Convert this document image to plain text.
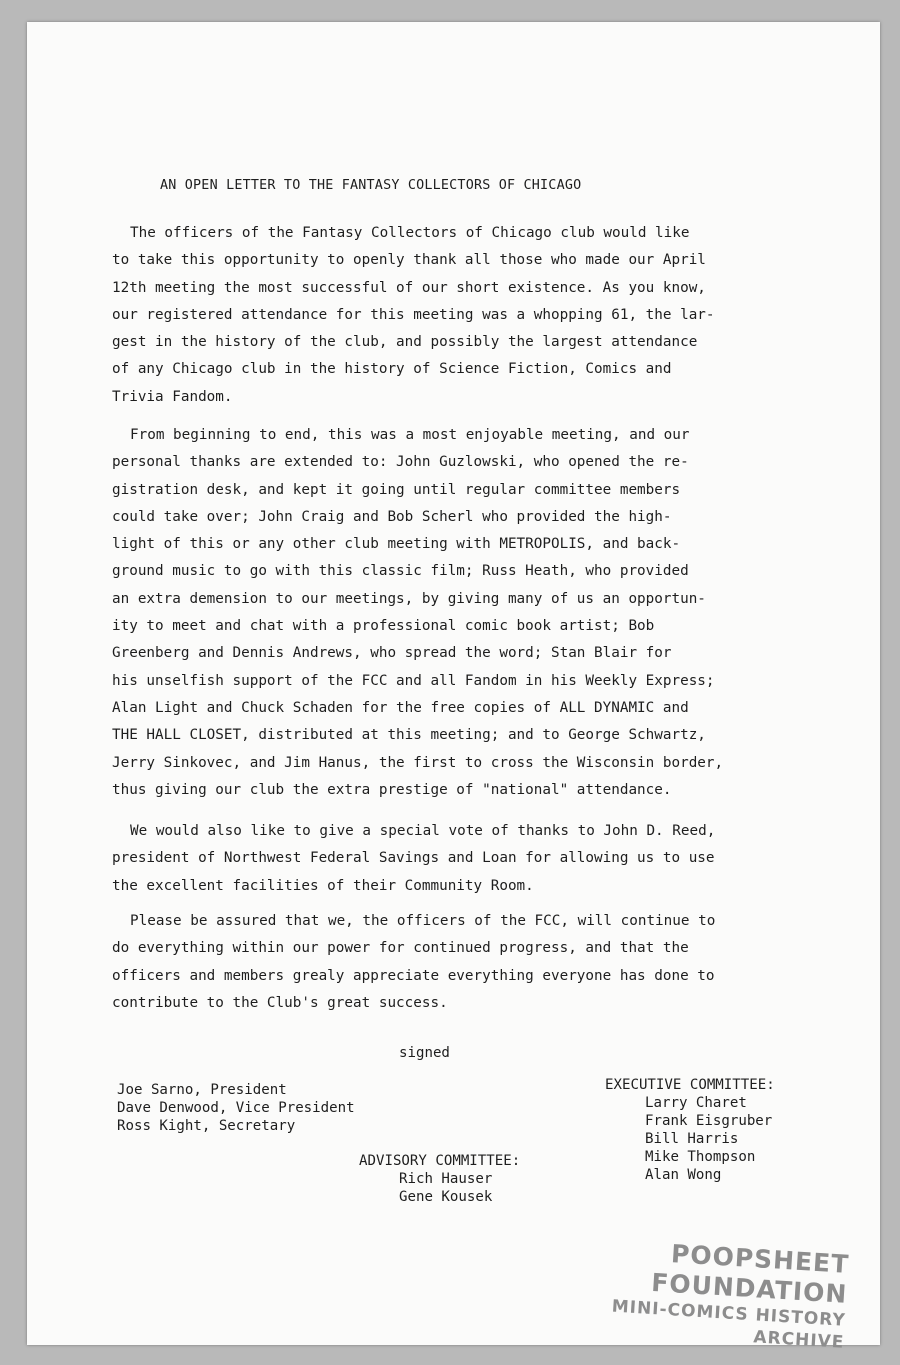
AN OPEN LETTER TO THE FANTASY COLLECTORS OF CHICAGO
The officers of the Fantasy Collectors of Chicago club would like
to take this opportunity to openly thank all those who made our April
12th meeting the most successful of our short existence. As you know,
our registered attendance for this meeting was a whopping 61, the lar-
gest in the history of the club, and possibly the largest attendance
of any Chicago club in the history of Science Fiction, Comics and
Trivia Fandom.
From beginning to end, this was a most enjoyable meeting, and our
personal thanks are extended to: John Guzlowski, who opened the re-
gistration desk, and kept it going until regular committee members
could take over; John Craig and Bob Scherl who provided the high-
light of this or any other club meeting with METROPOLIS, and back-
ground music to go with this classic film; Russ Heath, who provided
an extra demension to our meetings, by giving many of us an opportun-
ity to meet and chat with a professional comic book artist; Bob
Greenberg and Dennis Andrews, who spread the word; Stan Blair for
his unselfish support of the FCC and all Fandom in his Weekly Express;
Alan Light and Chuck Schaden for the free copies of ALL DYNAMIC and
THE HALL CLOSET, distributed at this meeting; and to George Schwartz,
Jerry Sinkovec, and Jim Hanus, the first to cross the Wisconsin border,
thus giving our club the extra prestige of "national" attendance.
We would also like to give a special vote of thanks to John D. Reed,
president of Northwest Federal Savings and Loan for allowing us to use
the excellent facilities of their Community Room.
Please be assured that we, the officers of the FCC, will continue to
do everything within our power for continued progress, and that the
officers and members grealy appreciate everything everyone has done to
contribute to the Club's great success.
signed
Joe Sarno, President
Dave Denwood, Vice President
Ross Kight, Secretary
ADVISORY COMMITTEE:
Rich Hauser
Gene Kousek
EXECUTIVE COMMITTEE:
Larry Charet
Frank Eisgruber
Bill Harris
Mike Thompson
Alan Wong
POOPSHEET FOUNDATION
MINI-COMICS HISTORY ARCHIVE
